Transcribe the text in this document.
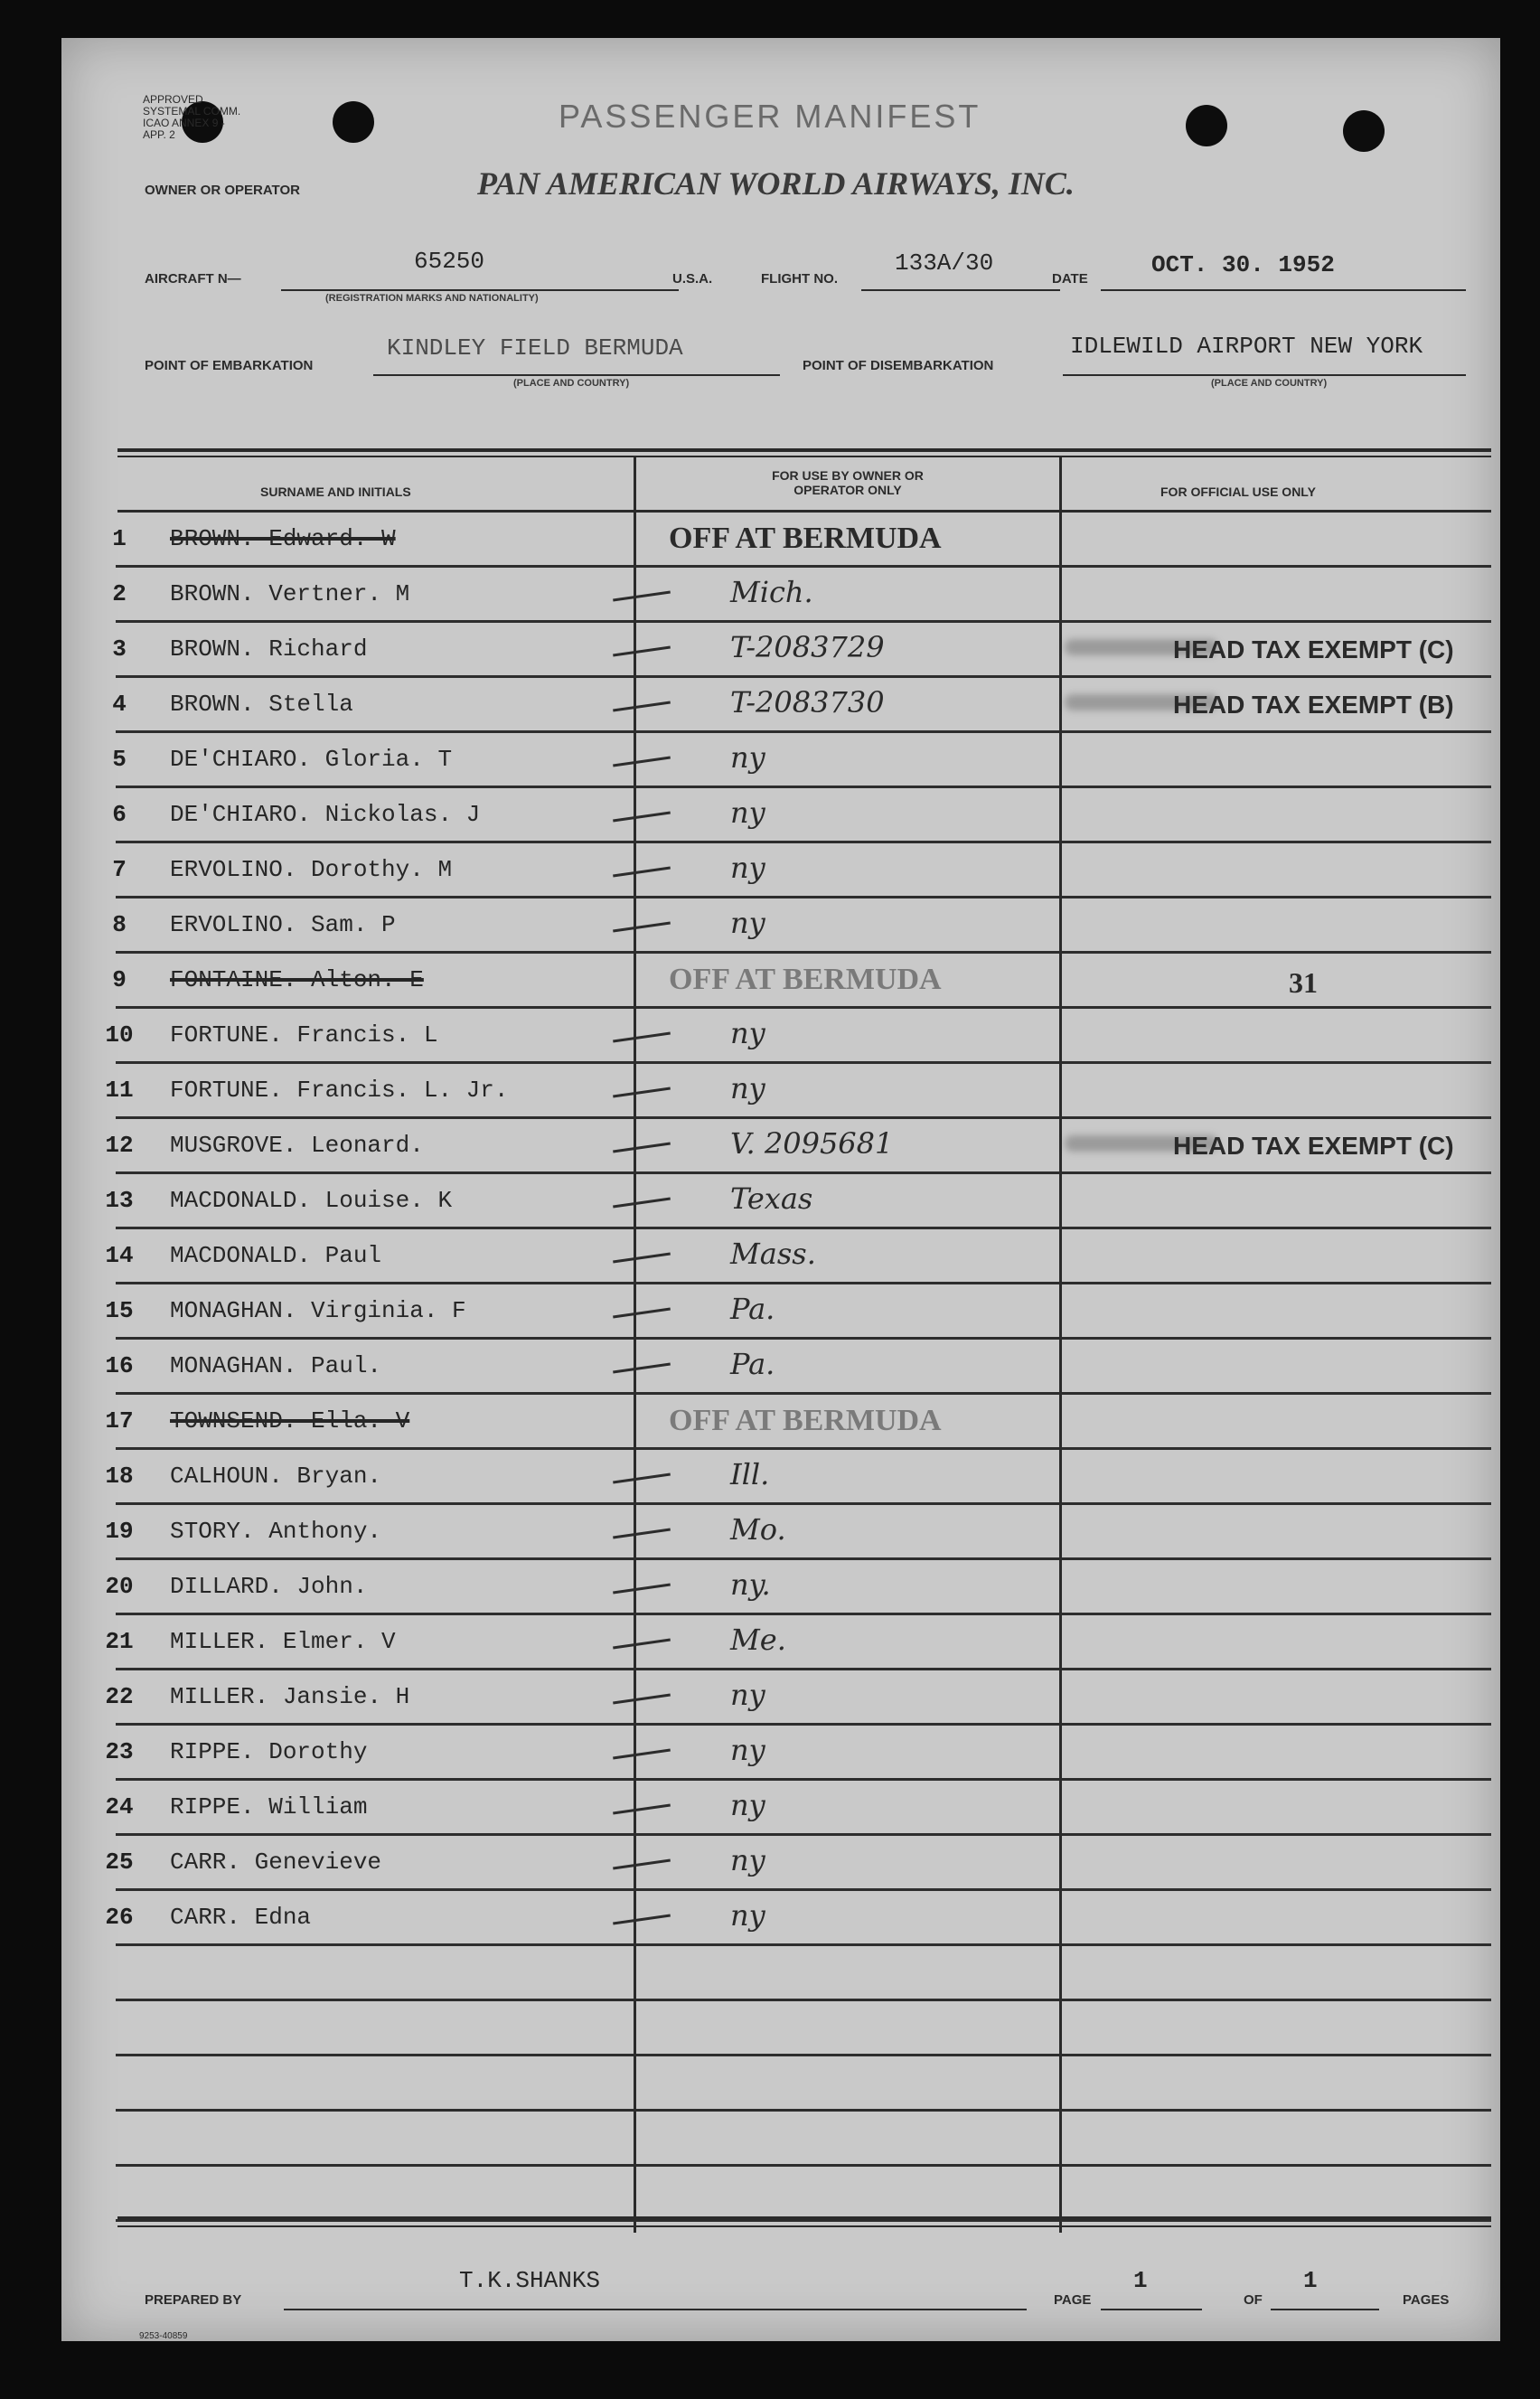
APPROVED SYSTEMAL COMM. ICAO ANNEX 9 - APP. 2	PASSENGER MANIFEST
OWNER OR OPERATOR	PAN AMERICAN WORLD AIRWAYS, INC.
AIRCRAFT N—
65250
(REGISTRATION MARKS AND NATIONALITY)
U.S.A.	FLIGHT NO.
133A/30
DATE
OCT. 30. 1952
POINT OF EMBARKATION
KINDLEY FIELD BERMUDA
(PLACE AND COUNTRY)
POINT OF DISEMBARKATION
IDLEWILD AIRPORT NEW YORK
(PLACE AND COUNTRY)
SURNAME AND INITIALS
FOR USE BY OWNER OR OPERATOR ONLY	FOR OFFICIAL USE ONLY
1	BROWN. Edward. W	OFF AT BERMUDA
2	BROWN. Vertner. M	Mich.
3	BROWN. Richard	T-2083729	HEAD TAX EXEMPT (C)
4	BROWN. Stella	T-2083730	HEAD TAX EXEMPT (B)
5	DE'CHIARO. Gloria. T	ny
6	DE'CHIARO. Nickolas. J	ny
7	ERVOLINO. Dorothy. M	ny
8	ERVOLINO. Sam. P	ny
9	FONTAINE. Alton. E	OFF AT BERMUDA	31
10 FORTUNE. Francis. L	ny
11 FORTUNE. Francis. L. Jr.	ny
12 MUSGROVE. Leonard.	V. 2095681	HEAD TAX EXEMPT (C)
13 MACDONALD. Louise. K	Texas
14 MACDONALD. Paul	Mass.
15 MONAGHAN. Virginia. F	Pa.
16 MONAGHAN. Paul.	Pa.
17 TOWNSEND. Ella. V	OFF AT BERMUDA
18 CALHOUN. Bryan.	Ill.
19 STORY. Anthony.	Mo.
20 DILLARD. John.	ny.
21 MILLER. Elmer. V	Me.
22 MILLER. Jansie. H	ny
23 RIPPE. Dorothy	ny
24 RIPPE. William	ny
25 CARR. Genevieve	ny
26 CARR. Edna	ny
PREPARED BY
T.K.SHANKS
PAGE
1
OF
1
PAGES
9253-40859
